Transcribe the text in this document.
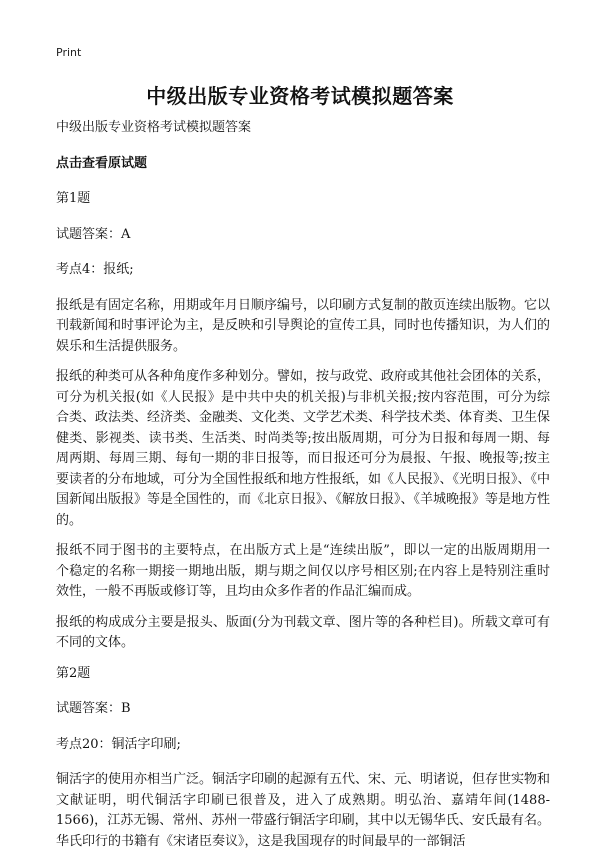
Print
中级出版专业资格考试模拟题答案

中级出版专业资格考试模拟题答案

点击查看原试题

第1题

试题答案：A

考点4：报纸;

报纸是有固定名称，用期或年月日顺序编号，以印刷方式复制的散页连续出版物。它以刊载新闻和时事评论为主，是反映和引导舆论的宣传工具，同时也传播知识，为人们的娱乐和生活提供服务。

报纸的种类可从各种角度作多种划分。譬如，按与政党、政府或其他社会团体的关系，可分为机关报(如《人民报》是中共中央的机关报)与非机关报;按内容范围，可分为综合类、政法类、经济类、金融类、文化类、文学艺术类、科学技术类、体育类、卫生保健类、影视类、读书类、生活类、时尚类等;按出版周期，可分为日报和每周一期、每周两期、每周三期、每旬一期的非日报等，而日报还可分为晨报、午报、晚报等;按主要读者的分布地域，可分为全国性报纸和地方性报纸，如《人民报》、《光明日报》、《中国新闻出版报》等是全国性的，而《北京日报》、《解放日报》、《羊城晚报》等是地方性的。

报纸不同于图书的主要特点，在出版方式上是“连续出版”，即以一定的出版周期用一个稳定的名称一期接一期地出版，期与期之间仅以序号相区别;在内容上是特别注重时效性，一般不再版或修订等，且均由众多作者的作品汇编而成。

报纸的构成成分主要是报头、版面(分为刊载文章、图片等的各种栏目)。所载文章可有不同的文体。

第2题

试题答案：B

考点20：铜活字印刷;

铜活字的使用亦相当广泛。铜活字印刷的起源有五代、宋、元、明诸说，但存世实物和文献证明，明代铜活字印刷已很普及，进入了成熟期。明弘治、嘉靖年间(1488-1566)，江苏无锡、常州、苏州一带盛行铜活字印刷，其中以无锡华氏、安氏最有名。华氏印行的书籍有《宋诸臣奏议》，这是我国现存的时间最早的一部铜活
